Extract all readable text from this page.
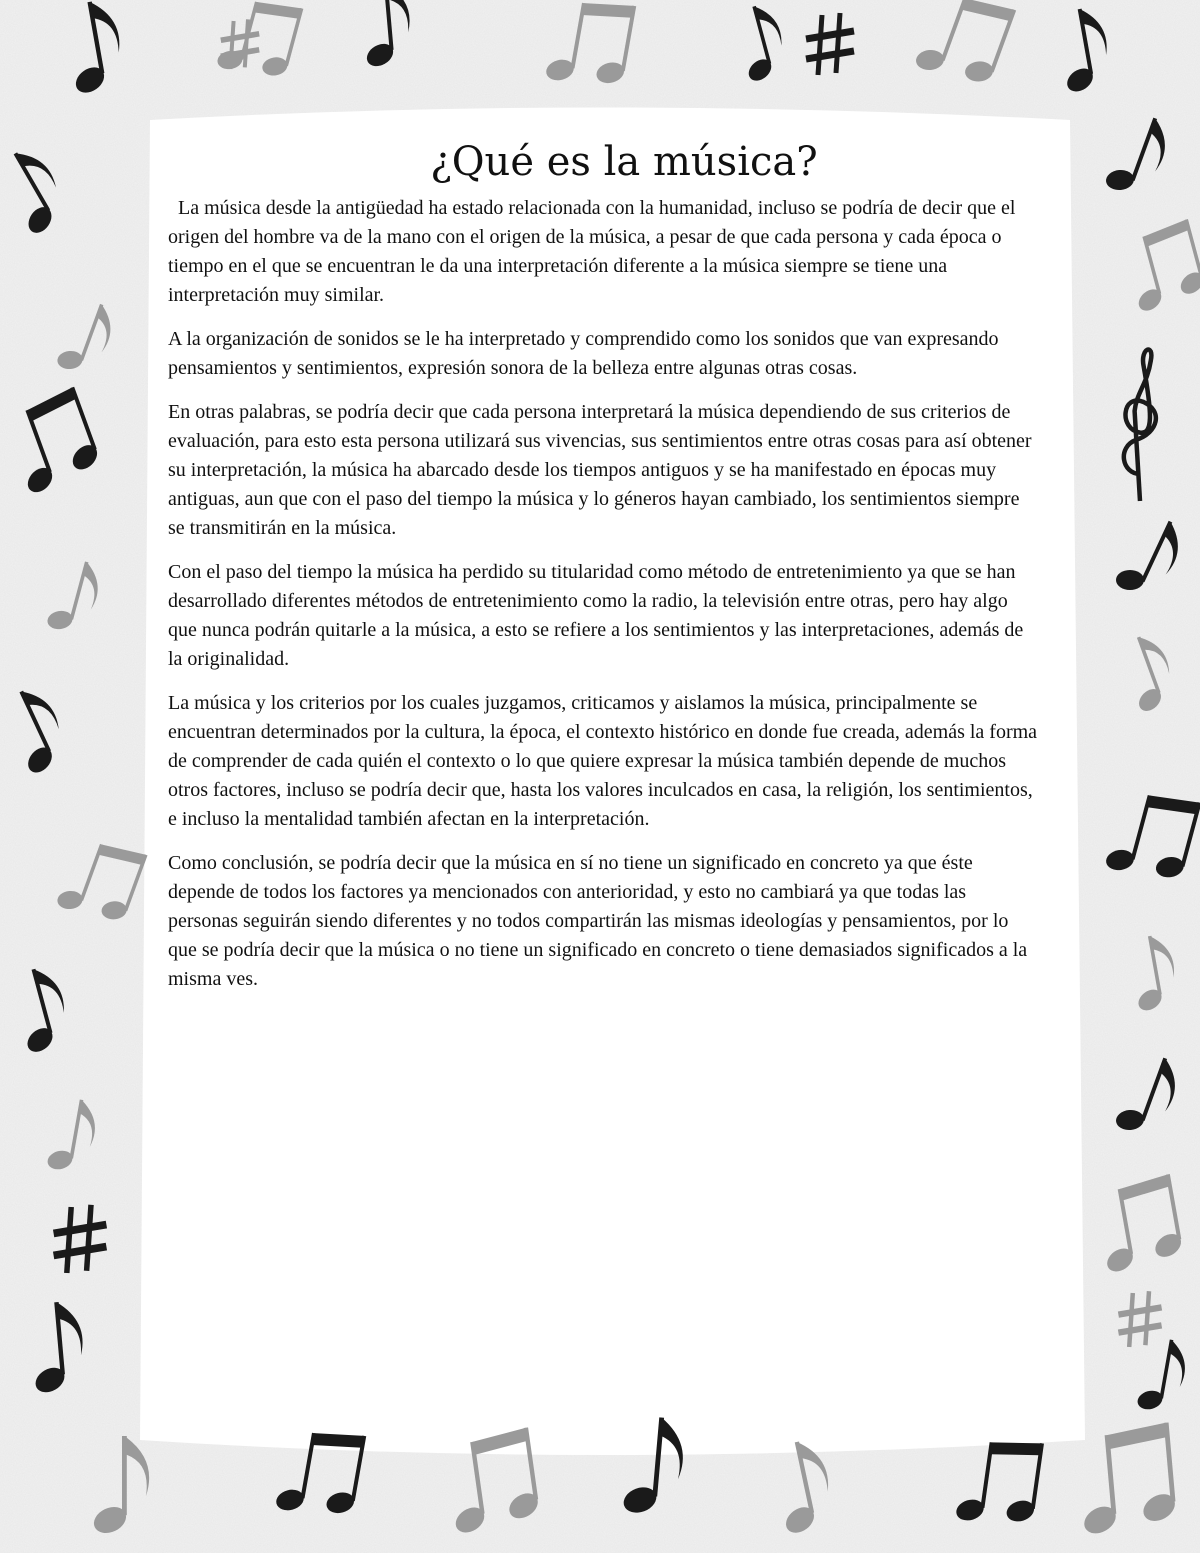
¿Qué es la música?

La música desde la antigüedad ha estado relacionada con la humanidad, incluso se podría de decir que el origen del hombre va de la mano con el origen de la música, a pesar de que cada persona y cada época o tiempo en el que se encuentran le da una interpretación diferente a la música siempre se tiene una interpretación muy similar.

A la organización de sonidos se le ha interpretado y comprendido como los sonidos que van expresando pensamientos y sentimientos, expresión sonora de la belleza entre algunas otras cosas.

En otras palabras, se podría decir que cada persona interpretará la música dependiendo de sus criterios de evaluación, para esto esta persona utilizará sus vivencias, sus sentimientos entre otras cosas para así obtener su interpretación, la música ha abarcado desde los tiempos antiguos y se ha manifestado en épocas muy antiguas, aun que con el paso del tiempo la música y lo géneros hayan cambiado, los sentimientos siempre se transmitirán en la música.

Con el paso del tiempo la música ha perdido su titularidad como método de entretenimiento ya que se han desarrollado diferentes métodos de entretenimiento como la radio, la televisión entre otras, pero hay algo que nunca podrán quitarle a la música, a esto se refiere a los sentimientos y las interpretaciones, además de la originalidad.

La música y los criterios por los cuales juzgamos, criticamos y aislamos la música, principalmente se encuentran determinados por la cultura, la época, el contexto histórico en donde fue creada, además la forma de comprender de cada quién el contexto o lo que quiere expresar la música también depende de muchos otros factores, incluso se podría decir que, hasta los valores inculcados en casa, la religión, los sentimientos, e incluso la mentalidad también afectan en la interpretación.

Como conclusión, se podría decir que la música en sí no tiene un significado en concreto ya que éste depende de todos los factores ya mencionados con anterioridad, y esto no cambiará ya que todas las personas seguirán siendo diferentes y no todos compartirán las mismas ideologías y pensamientos, por lo que se podría decir que la música o no tiene un significado en concreto o tiene demasiados significados a la misma ves.
